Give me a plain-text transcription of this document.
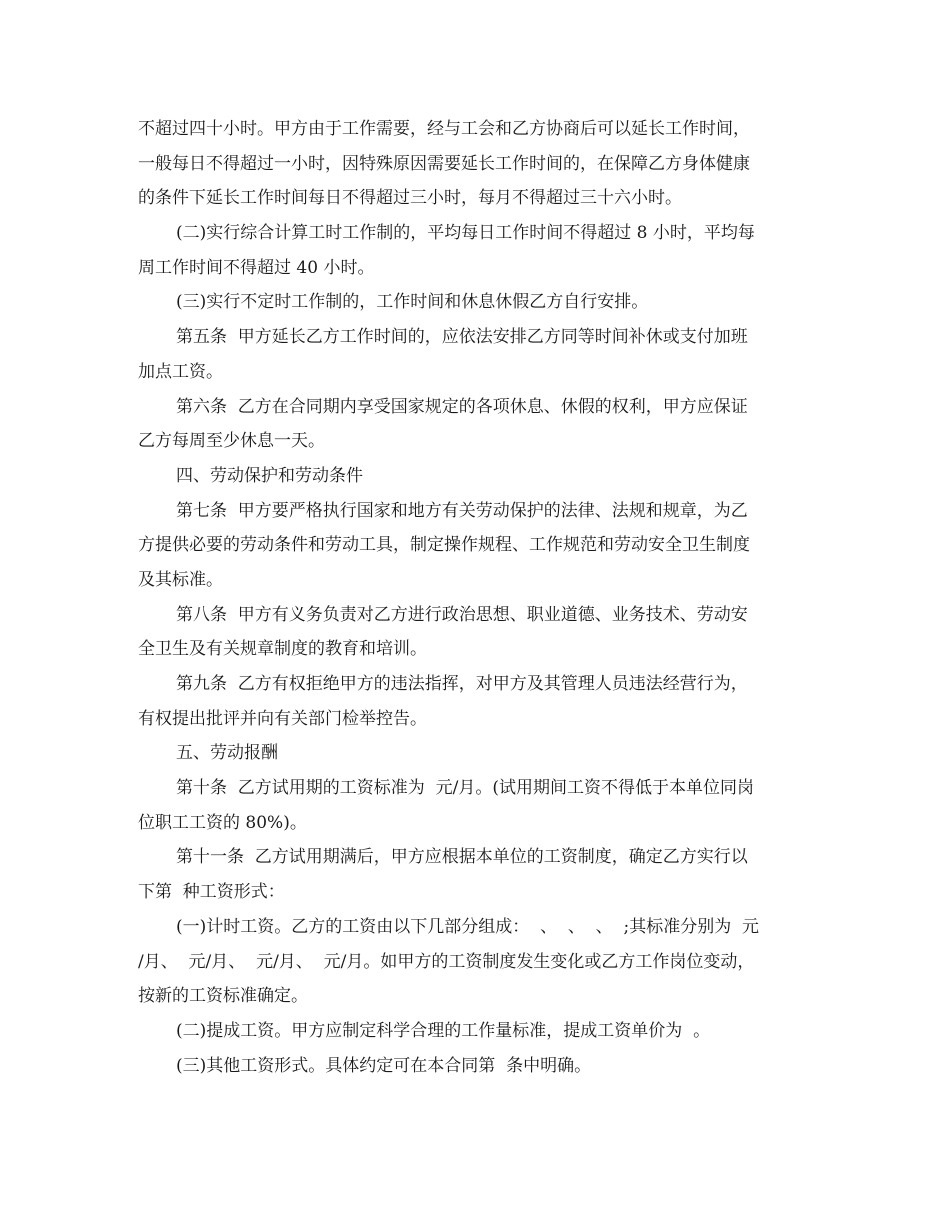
不超过四十小时。甲方由于工作需要，经与工会和乙方协商后可以延长工作时间，
一般每日不得超过一小时，因特殊原因需要延长工作时间的，在保障乙方身体健康
的条件下延长工作时间每日不得超过三小时，每月不得超过三十六小时。
(二)实行综合计算工时工作制的，平均每日工作时间不得超过 8 小时，平均每
周工作时间不得超过 40 小时。
(三)实行不定时工作制的，工作时间和休息休假乙方自行安排。
第五条  甲方延长乙方工作时间的，应依法安排乙方同等时间补休或支付加班
加点工资。
第六条  乙方在合同期内享受国家规定的各项休息、休假的权利，甲方应保证
乙方每周至少休息一天。
四、劳动保护和劳动条件
第七条  甲方要严格执行国家和地方有关劳动保护的法律、法规和规章，为乙
方提供必要的劳动条件和劳动工具，制定操作规程、工作规范和劳动安全卫生制度
及其标准。
第八条  甲方有义务负责对乙方进行政治思想、职业道德、业务技术、劳动安
全卫生及有关规章制度的教育和培训。
第九条  乙方有权拒绝甲方的违法指挥，对甲方及其管理人员违法经营行为，
有权提出批评并向有关部门检举控告。
五、劳动报酬
第十条  乙方试用期的工资标准为  元/月。(试用期间工资不得低于本单位同岗
位职工工资的 80%)。
第十一条  乙方试用期满后，甲方应根据本单位的工资制度，确定乙方实行以
下第  种工资形式：
(一)计时工资。乙方的工资由以下几部分组成：  、  、  、  ;其标准分别为  元
/月、  元/月、  元/月、  元/月。如甲方的工资制度发生变化或乙方工作岗位变动，
按新的工资标准确定。
(二)提成工资。甲方应制定科学合理的工作量标准，提成工资单价为  。
(三)其他工资形式。具体约定可在本合同第  条中明确。
